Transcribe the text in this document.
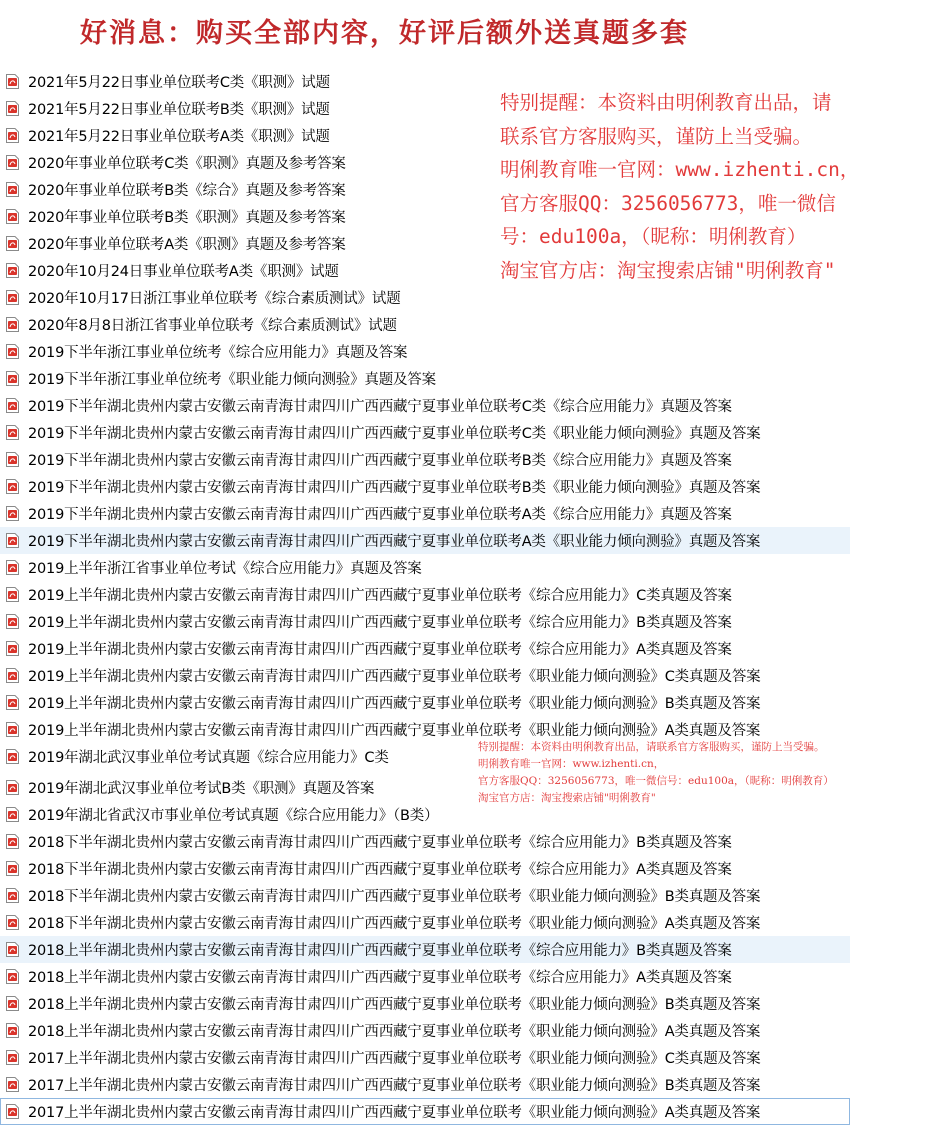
好消息：购买全部内容，好评后额外送真题多套
2021年5月22日事业单位联考C类《职测》试题
2021年5月22日事业单位联考B类《职测》试题
2021年5月22日事业单位联考A类《职测》试题
2020年事业单位联考C类《职测》真题及参考答案
2020年事业单位联考B类《综合》真题及参考答案
2020年事业单位联考B类《职测》真题及参考答案
2020年事业单位联考A类《职测》真题及参考答案
2020年10月24日事业单位联考A类《职测》试题
2020年10月17日浙江事业单位联考《综合素质测试》试题
2020年8月8日浙江省事业单位联考《综合素质测试》试题
2019下半年浙江事业单位统考《综合应用能力》真题及答案
2019下半年浙江事业单位统考《职业能力倾向测验》真题及答案
2019下半年湖北贵州内蒙古安徽云南青海甘肃四川广西西藏宁夏事业单位联考C类《综合应用能力》真题及答案
2019下半年湖北贵州内蒙古安徽云南青海甘肃四川广西西藏宁夏事业单位联考C类《职业能力倾向测验》真题及答案
2019下半年湖北贵州内蒙古安徽云南青海甘肃四川广西西藏宁夏事业单位联考B类《综合应用能力》真题及答案
2019下半年湖北贵州内蒙古安徽云南青海甘肃四川广西西藏宁夏事业单位联考B类《职业能力倾向测验》真题及答案
2019下半年湖北贵州内蒙古安徽云南青海甘肃四川广西西藏宁夏事业单位联考A类《综合应用能力》真题及答案
2019下半年湖北贵州内蒙古安徽云南青海甘肃四川广西西藏宁夏事业单位联考A类《职业能力倾向测验》真题及答案
2019上半年浙江省事业单位考试《综合应用能力》真题及答案
2019上半年湖北贵州内蒙古安徽云南青海甘肃四川广西西藏宁夏事业单位联考《综合应用能力》C类真题及答案
2019上半年湖北贵州内蒙古安徽云南青海甘肃四川广西西藏宁夏事业单位联考《综合应用能力》B类真题及答案
2019上半年湖北贵州内蒙古安徽云南青海甘肃四川广西西藏宁夏事业单位联考《综合应用能力》A类真题及答案
2019上半年湖北贵州内蒙古安徽云南青海甘肃四川广西西藏宁夏事业单位联考《职业能力倾向测验》C类真题及答案
2019上半年湖北贵州内蒙古安徽云南青海甘肃四川广西西藏宁夏事业单位联考《职业能力倾向测验》B类真题及答案
2019上半年湖北贵州内蒙古安徽云南青海甘肃四川广西西藏宁夏事业单位联考《职业能力倾向测验》A类真题及答案
2019年湖北武汉事业单位考试真题《综合应用能力》C类
2019年湖北武汉事业单位考试B类《职测》真题及答案
2019年湖北省武汉市事业单位考试真题《综合应用能力》（B类）
2018下半年湖北贵州内蒙古安徽云南青海甘肃四川广西西藏宁夏事业单位联考《综合应用能力》B类真题及答案
2018下半年湖北贵州内蒙古安徽云南青海甘肃四川广西西藏宁夏事业单位联考《综合应用能力》A类真题及答案
2018下半年湖北贵州内蒙古安徽云南青海甘肃四川广西西藏宁夏事业单位联考《职业能力倾向测验》B类真题及答案
2018下半年湖北贵州内蒙古安徽云南青海甘肃四川广西西藏宁夏事业单位联考《职业能力倾向测验》A类真题及答案
2018上半年湖北贵州内蒙古安徽云南青海甘肃四川广西西藏宁夏事业单位联考《综合应用能力》B类真题及答案
2018上半年湖北贵州内蒙古安徽云南青海甘肃四川广西西藏宁夏事业单位联考《综合应用能力》A类真题及答案
2018上半年湖北贵州内蒙古安徽云南青海甘肃四川广西西藏宁夏事业单位联考《职业能力倾向测验》B类真题及答案
2018上半年湖北贵州内蒙古安徽云南青海甘肃四川广西西藏宁夏事业单位联考《职业能力倾向测验》A类真题及答案
2017上半年湖北贵州内蒙古安徽云南青海甘肃四川广西西藏宁夏事业单位联考《职业能力倾向测验》C类真题及答案
2017上半年湖北贵州内蒙古安徽云南青海甘肃四川广西西藏宁夏事业单位联考《职业能力倾向测验》B类真题及答案
2017上半年湖北贵州内蒙古安徽云南青海甘肃四川广西西藏宁夏事业单位联考《职业能力倾向测验》A类真题及答案
特别提醒：本资料由明俐教育出品，请
联系官方客服购买，谨防上当受骗。
明俐教育唯一官网：www.izhenti.cn，
官方客服QQ：3256056773，唯一微信
号：edu100a，（昵称：明俐教育）
淘宝官方店：淘宝搜索店铺"明俐教育"
特别提醒：本资料由明俐教育出品，请联系官方客服购买，谨防上当受骗。
明俐教育唯一官网：www.izhenti.cn，
官方客服QQ：3256056773，唯一微信号：edu100a，（昵称：明俐教育）
淘宝官方店：淘宝搜索店铺"明俐教育"
